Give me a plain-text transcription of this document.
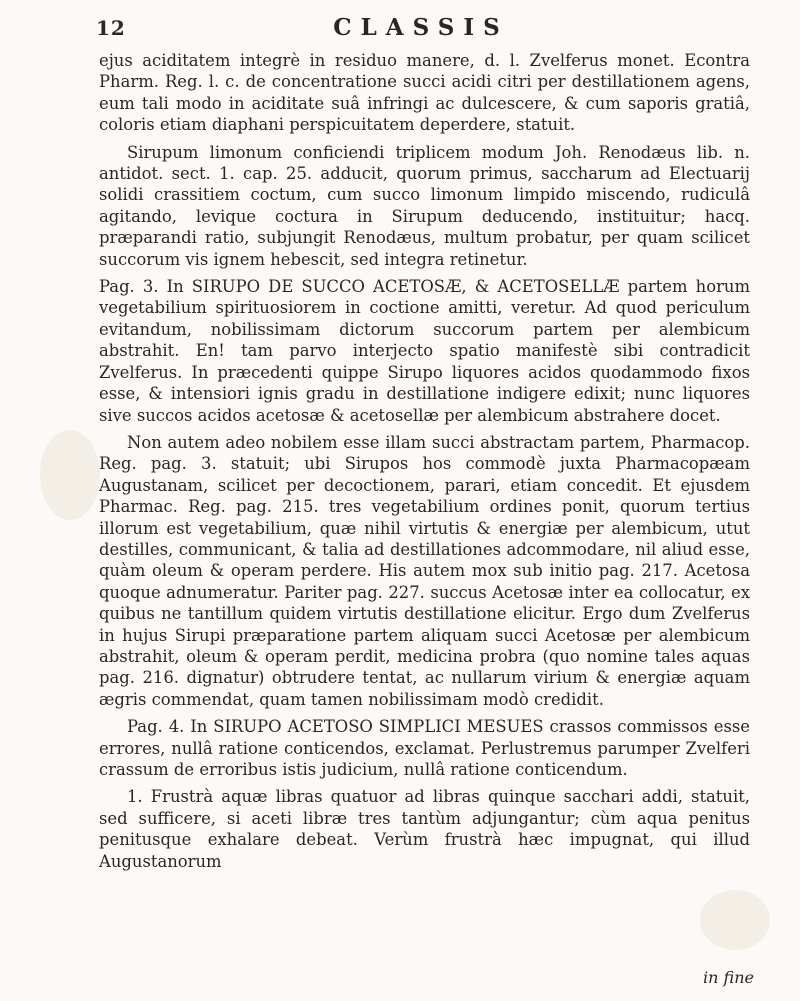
12	CLASSIS

ejus aciditatem integrè in residuo manere, d. l. Zvelferus monet. Econtra Pharm. Reg. l. c. de concentratione succi acidi citri per destillationem agens, eum tali modo in aciditate suâ infringi ac dulcescere, & cum saporis gratiâ, coloris etiam diaphani perspicuitatem deperdere, statuit.

Sirupum limonum conficiendi triplicem modum Joh. Renodæus lib. n. antidot. sect. 1. cap. 25. adducit, quorum primus, saccharum ad Electuarij solidi crassitiem coctum, cum succo limonum limpido miscendo, rudiculâ agitando, levique coctura in Sirupum deducendo, instituitur; hacq. præparandi ratio, subjungit Renodæus, multum probatur, per quam scilicet succorum vis ignem hebescit, sed integra retinetur.

Pag. 3. In SIRUPO DE SUCCO ACETOSÆ, & ACETOSELLÆ partem horum vegetabilium spirituosiorem in coctione amitti, veretur. Ad quod periculum evitandum, nobilissimam dictorum succorum partem per alembicum abstrahit. En! tam parvo interjecto spatio manifestè sibi contradicit Zvelferus. In præcedenti quippe Sirupo liquores acidos quodammodo fixos esse, & intensiori ignis gradu in destillatione indigere edixit; nunc liquores sive succos acidos acetosæ & acetosellæ per alembicum abstrahere docet.

Non autem adeo nobilem esse illam succi abstractam partem, Pharmacop. Reg. pag. 3. statuit; ubi Sirupos hos commodè juxta Pharmacopæam Augustanam, scilicet per decoctionem, parari, etiam concedit. Et ejusdem Pharmac. Reg. pag. 215. tres vegetabilium ordines ponit, quorum tertius illorum est vegetabilium, quæ nihil virtutis & energiæ per alembicum, utut destilles, communicant, & talia ad destillationes adcommodare, nil aliud esse, quàm oleum & operam perdere. His autem mox sub initio pag. 217. Acetosa quoque adnumeratur. Pariter pag. 227. succus Acetosæ inter ea collocatur, ex quibus ne tantillum quidem virtutis destillatione elicitur. Ergo dum Zvelferus in hujus Sirupi præparatione partem aliquam succi Acetosæ per alembicum abstrahit, oleum & operam perdit, medicina probra (quo nomine tales aquas pag. 216. dignatur) obtrudere tentat, ac nullarum virium & energiæ aquam ægris commendat, quam tamen nobilissimam modò credidit.

Pag. 4. In SIRUPO ACETOSO SIMPLICI MESUES crassos commissos esse errores, nullâ ratione conticendos, exclamat. Perlustremus parumper Zvelferi crassum de erroribus istis judicium, nullâ ratione conticendum.

1. Frustrà aquæ libras quatuor ad libras quinque sacchari addi, statuit, sed sufficere, si aceti libræ tres tantùm adjungantur; cùm aqua penitus penitusque exhalare debeat. Verùm frustrà hæc impugnat, qui illud Augustanorum

in fine
